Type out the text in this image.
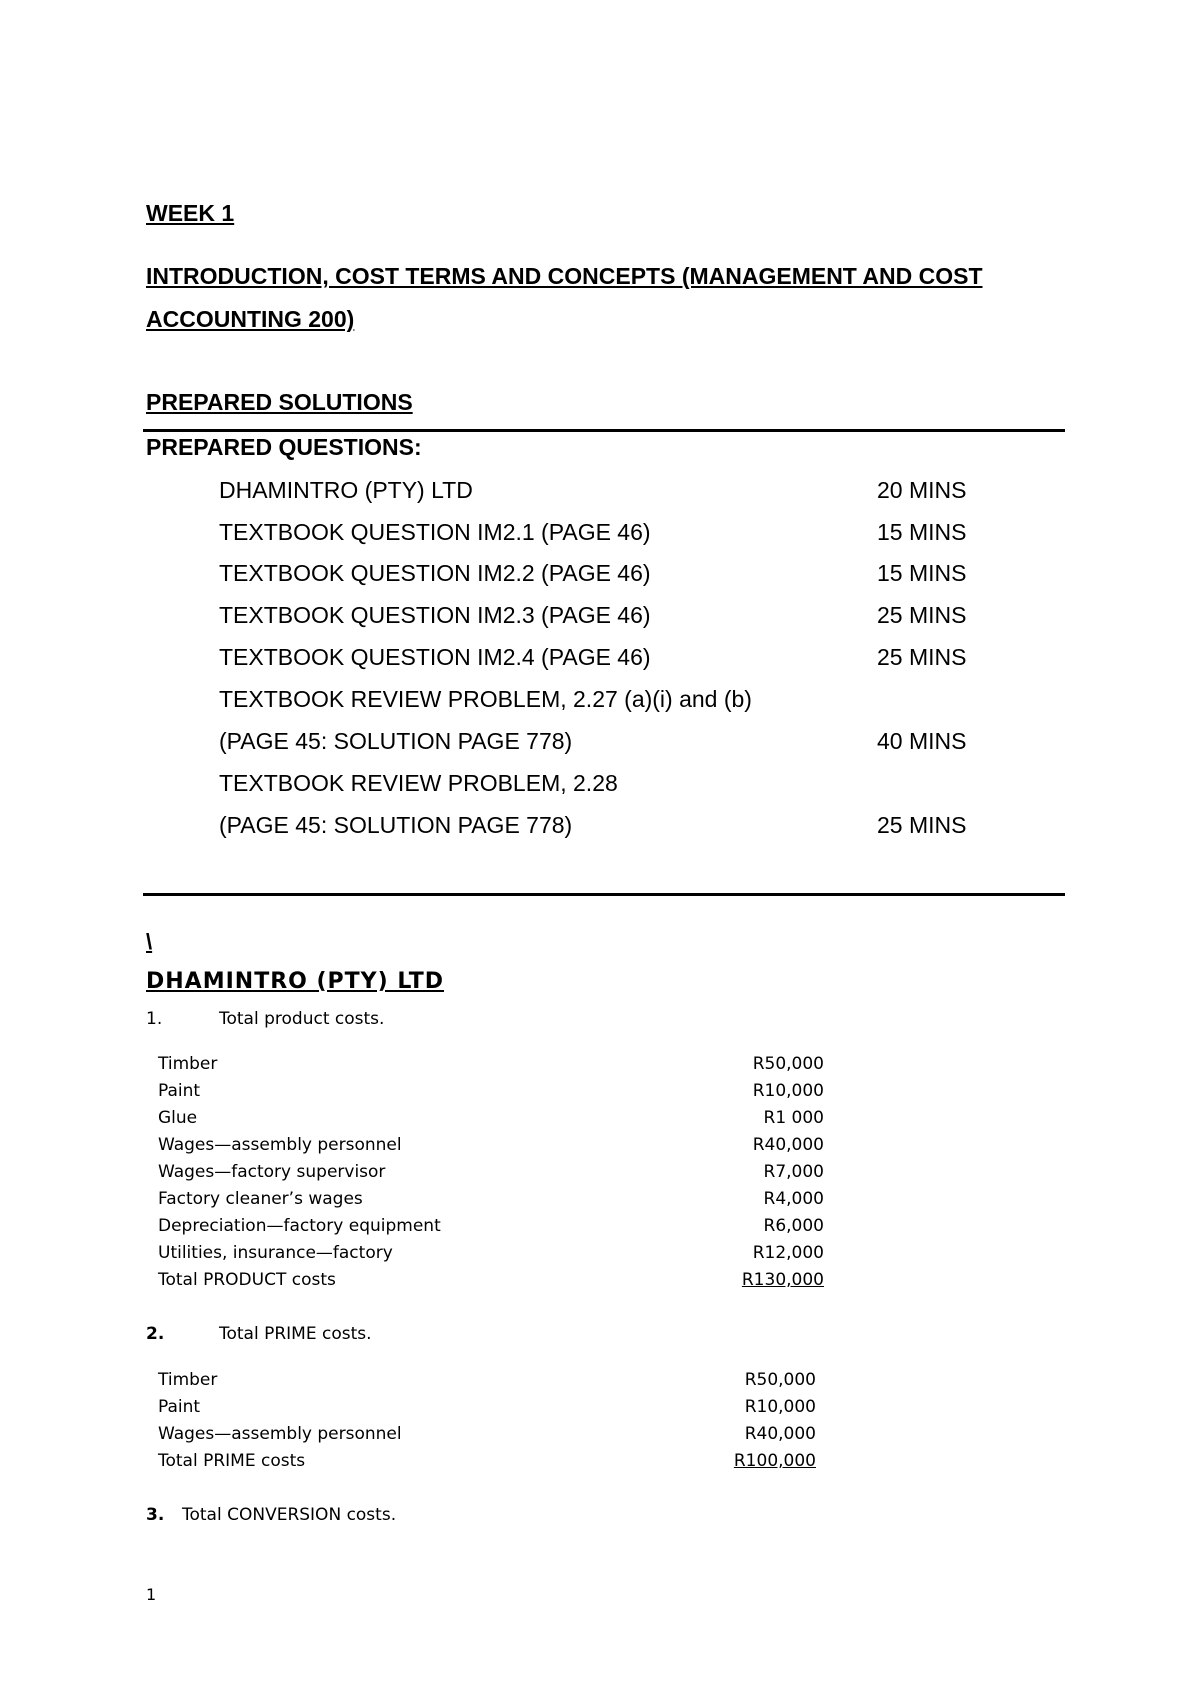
WEEK 1
INTRODUCTION, COST TERMS AND CONCEPTS (MANAGEMENT AND COST
ACCOUNTING 200)
PREPARED SOLUTIONS
PREPARED QUESTIONS:
DHAMINTRO (PTY) LTD	20 MINS
TEXTBOOK QUESTION IM2.1 (PAGE 46)	15 MINS
TEXTBOOK QUESTION IM2.2 (PAGE 46)	15 MINS
TEXTBOOK QUESTION IM2.3 (PAGE 46)	25 MINS
TEXTBOOK QUESTION IM2.4 (PAGE 46)	25 MINS
TEXTBOOK REVIEW PROBLEM, 2.27 (a)(i) and (b)
(PAGE 45: SOLUTION PAGE 778)	40 MINS
TEXTBOOK REVIEW PROBLEM, 2.28
(PAGE 45: SOLUTION PAGE 778)	25 MINS
\
DHAMINTRO (PTY) LTD
1.	Total product costs.
Timber	R50,000
Paint	R10,000
Glue	R1 000
Wages—assembly personnel	R40,000
Wages—factory supervisor	R7,000
Factory cleaner’s wages	R4,000
Depreciation—factory equipment	R6,000
Utilities, insurance—factory	R12,000
Total PRODUCT costs	R130,000
2.	Total PRIME costs.
Timber	R50,000
Paint	R10,000
Wages—assembly personnel	R40,000
Total PRIME costs	R100,000
3. Total CONVERSION costs.
1
